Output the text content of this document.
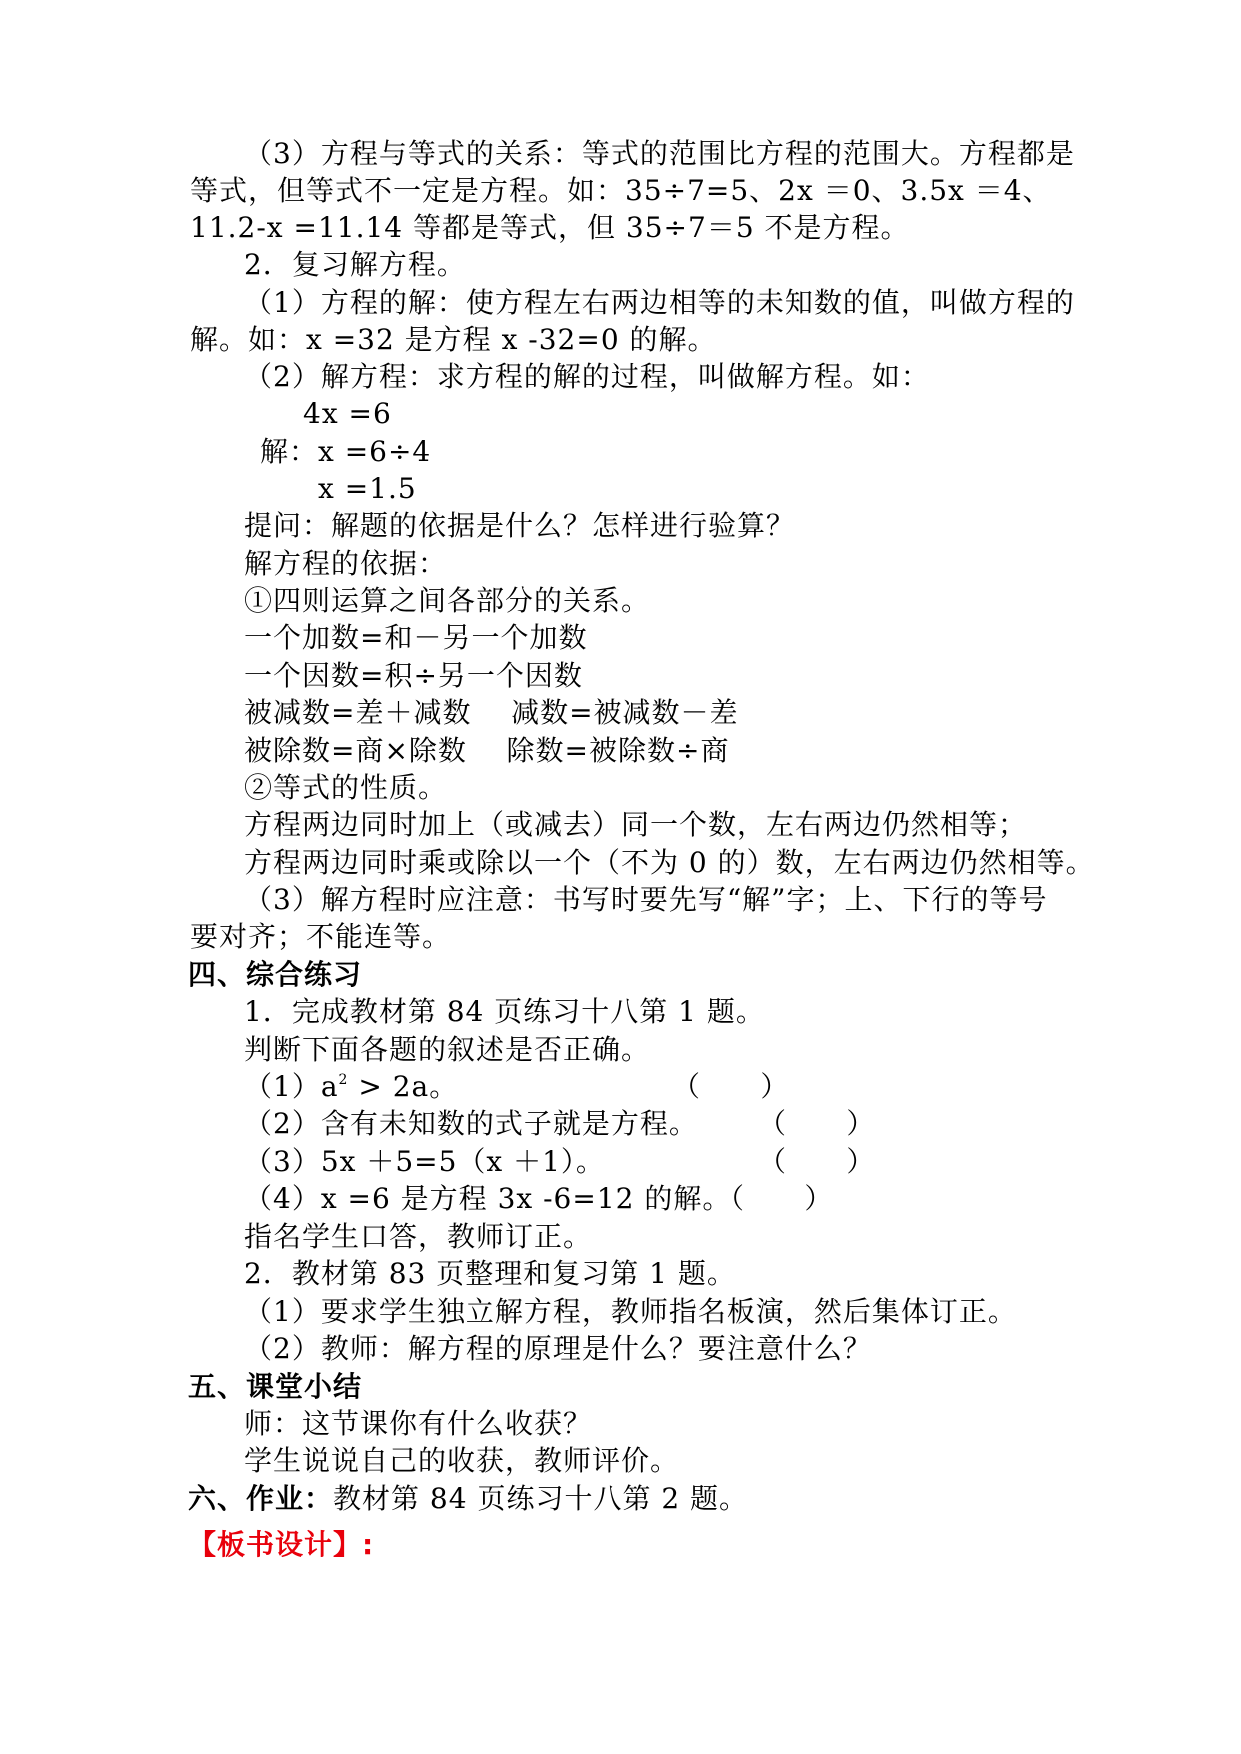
（3）方程与等式的关系：等式的范围比方程的范围大。方程都是
等式，但等式不一定是方程。如：35÷7=5、2x ＝0、3.5x ＝4、
11.2-x =11.14 等都是等式，但 35÷7＝5 不是方程。
2．复习解方程。
（1）方程的解：使方程左右两边相等的未知数的值，叫做方程的
解。如：x =32 是方程 x -32=0 的解。
（2）解方程：求方程的解的过程，叫做解方程。如：
4x =6
解：x =6÷4
x =1.5
提问：解题的依据是什么？怎样进行验算？
解方程的依据：
①四则运算之间各部分的关系。
一个加数=和－另一个加数
一个因数=积÷另一个因数
被减数=差＋减数    减数=被减数－差
被除数=商×除数    除数=被除数÷商
②等式的性质。
方程两边同时加上（或减去）同一个数，左右两边仍然相等；
方程两边同时乘或除以一个（不为 0 的）数，左右两边仍然相等。
（3）解方程时应注意：书写时要先写“解”字；上、下行的等号
要对齐；不能连等。
四、综合练习
1．完成教材第 84 页练习十八第 1 题。
判断下面各题的叙述是否正确。
$(1)a^2 > 2a$。	（      ）
（2）含有未知数的式子就是方程。 （      ）
（3）5x ＋5=5（x ＋1）。	（      ）
（4）x =6 是方程 3x -6=12 的解。
（      ）
指名学生口答，教师订正。
2．教材第 83 页整理和复习第 1 题。
（1）要求学生独立解方程，教师指名板演，然后集体订正。
（2）教师：解方程的原理是什么？要注意什么？
五、课堂小结
师：这节课你有什么收获？
学生说说自己的收获，教师评价。
六、作业：教材第 84 页练习十八第 2 题。
【板书设计】:
